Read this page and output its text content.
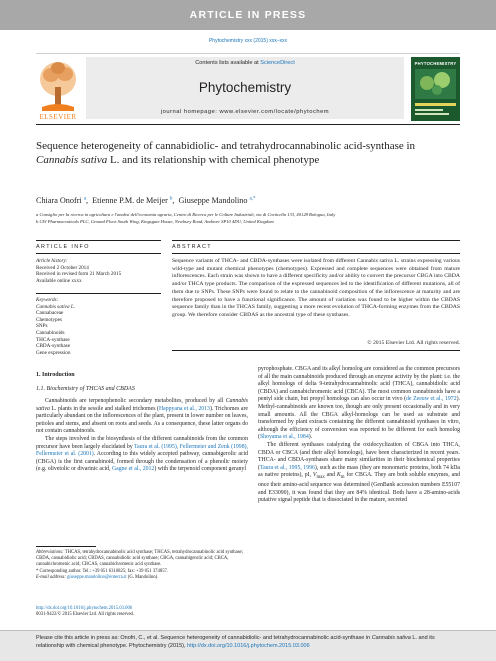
ARTICLE IN PRESS
Phytochemistry xxx (2015) xxx–xxx
ELSEVIER
Contents lists available at ScienceDirect
Phytochemistry
journal homepage: www.elsevier.com/locate/phytochem
PHYTOCHEMISTRY
Sequence heterogeneity of cannabidiolic- and tetrahydrocannabinolic acid-synthase in Cannabis sativa L. and its relationship with chemical phenotype
Chiara Onofri $^a$,  Etienne P.M. de Meijer $^b$,  Giuseppe Mandolino $^{a,*}$
a Consiglio per la ricerca in agricoltura e l'analisi dell'economia agraria, Centro di Ricerca per le Colture Industriali, via di Corticella 133, 40128 Bologna, Italy
b GW Pharmaceuticals PLC, Ground Floor South Wing, Kingsgate House, Newbury Road, Andover SP10 4DU, United Kingdom
ARTICLE INFO	ABSTRACT
Article history:
Received 2 October 2014
Received in revised form 21 March 2015
Available online xxxx
Keywords:
Cannabis sativa L.
Cannabaceae
Chemotypes
SNPs
Cannabinoids
THCA-synthase
CBDA-synthase
Gene expression
Sequence variants of THCA- and CBDA-synthases were isolated from different Cannabis sativa L. strains expressing various wild-type and mutant chemical phenotypes (chemotypes). Expressed and complete sequences were obtained from mature inflorescences. Each strain was shown to have a different specificity and/or ability to convert the precursor CBGA into CBDA and/or THCA type products. The comparison of the expressed sequences led to the identification of different mutations, all of them due to SNPs. These SNPs were found to relate to the cannabinoid composition of the inflorescence at maturity and are therefore proposed to have a functional significance. The amount of variation was found to be higher within the CBDAS sequence family than in the THCAS family, suggesting a more recent evolution of THCA-forming enzymes from the CBDAS group. We therefore consider CBDAS as the ancestral type of these synthases.
© 2015 Elsevier Ltd. All rights reserved.
1. Introduction
1.1. Biochemistry of THCAS and CBDAS

Cannabinoids are terpenophenolic secondary metabolites, produced by all Cannabis sativa L. plants in the sessile and stalked trichomes (Happyana et al., 2013). Trichomes are particularly abundant on the inflorescences of the plant, present in lower number on leaves, petioles and stems, and absent on roots and seeds. As a consequence, these latter organs do not contain cannabinoids.

The steps involved in the biosynthesis of the different cannabinoids from the common precursor have been largely elucidated by Taura et al. (1995), Fellermeier and Zenk (1998), Fellermeier et al. (2001). According to this widely accepted pathway, cannabigerolic acid (CBGA) is the first cannabinoid, formed through the condensation of a phenolic moiety (e.g. olivetolic or divarinic acid, Gagne et al., 2012) with the terpenoid component geranyl

pyrophosphate. CBGA and its alkyl homolog are considered as the common precursors of all the main cannabinoids produced through an enzyme activity by the plant: i.e. the alkyl homologs of delta 9-tetrahydrocannabinolic acid (THCA), cannabidiolic acid (CBDA) and cannabichromenic acid (CBCA). The most common cannabinoids have a pentyl side chain, but propyl homologs can also occur in vivo (de Zeeuw et al., 1972). Methyl-cannabinoids are known too, though are only present occasionally and in very small amounts. All the CBGA alkyl-homologs can be used as substrate and transformed by plant extracts containing the different cannabinoid synthases in vitro, although the efficiency of conversion was reported to be different for each homolog (Shoyama et al., 1984).

The different synthases catalyzing the oxidocyclization of CBGA into THCA, CBDA or CBCA (and their alkyl homologs), have been characterized in recent years. THCA- and CBDA-synthases share many similarities in their biochemical properties (Taura et al., 1995, 1996), such as the mass (they are monomeric proteins, both 74 kDa as native proteins), pI, $V_{max}$ and $K_m$ for CBGA. They are both soluble enzymes, and once their amino-acid sequence was determined (GenBank accession numbers E55107 and E33090), it was found that they are 84% identical. Both have a 28-amino-acids putative signal peptide that is dissociated in the mature, secreted

Abbreviations: THCAS, tetrahydrocannabinolic acid synthase; THCAS, tetrahydrocannabinolic acid synthase; CBDA, cannabidiolic acid; CBDAS, cannabidiolic acid synthase; CBGA, cannabigerolic acid; CBCA, cannabichromenic acid; CBCAS, cannabichromenic acid synthase.
* Corresponding author. Tel.: +39 051 6316825; fax: +39 051 374857.
E-mail address: giuseppe.mandolino@entecra.it (G. Mandolino).
http://dx.doi.org/10.1016/j.phytochem.2015.03.006
0031-9422/© 2015 Elsevier Ltd. All rights reserved.
Please cite this article in press as: Onofri, C., et al. Sequence heterogeneity of cannabidiolic- and tetrahydrocannabinolic acid-synthase in Cannabis sativa L. and its relationship with chemical phenotype. Phytochemistry (2015), http://dx.doi.org/10.1016/j.phytochem.2015.03.006
